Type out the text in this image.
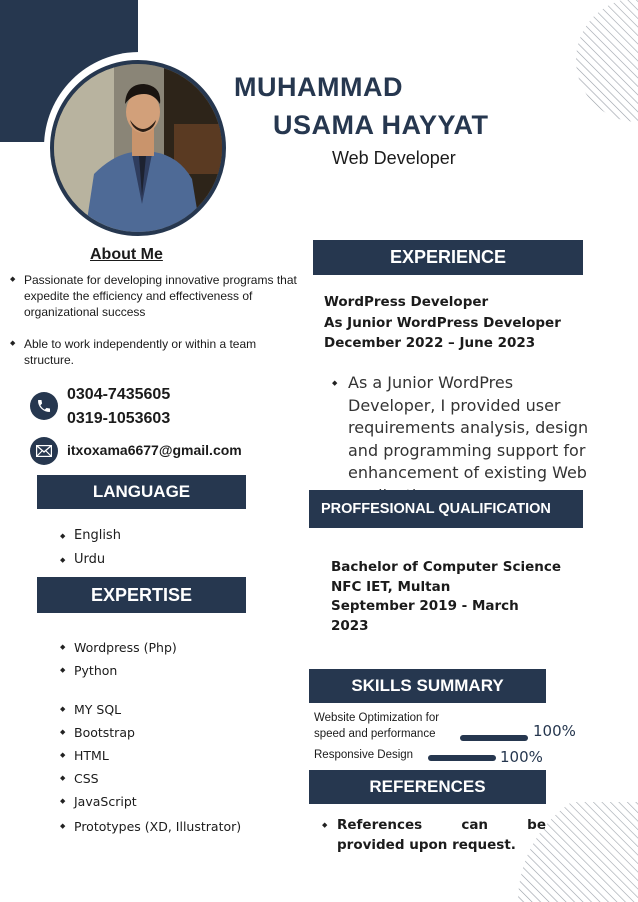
MUHAMMAD
USAMA HAYYAT
Web Developer
About Me
◆ Passionate for developing innovative programs that expedite the efficiency and effectiveness of organizational success
◆ Able to work independently or within a team structure.
0304-7435605
0319-1053603
itxoxama6677@gmail.com
LANGUAGE
◆ English
◆ Urdu
EXPERTISE
◆ Wordpress (Php)
◆ Python
◆ MY SQL
◆ Bootstrap
◆ HTML
◆ CSS
◆ JavaScript
◆ Prototypes (XD, Illustrator)
EXPERIENCE
WordPress Developer
As Junior WordPress Developer
December 2022 – June 2023
◆ As a Junior WordPres Developer, I provided user requirements analysis, design and programming support for enhancement of existing Web
PROFFESIONAL QUALIFICATION
Bachelor of Computer Science
NFC IET, Multan
September 2019 - March 2023
SKILLS SUMMARY
Website Optimization for speed and performance	100%
Responsive Design	100%
REFERENCES
◆ References can be provided upon request.
